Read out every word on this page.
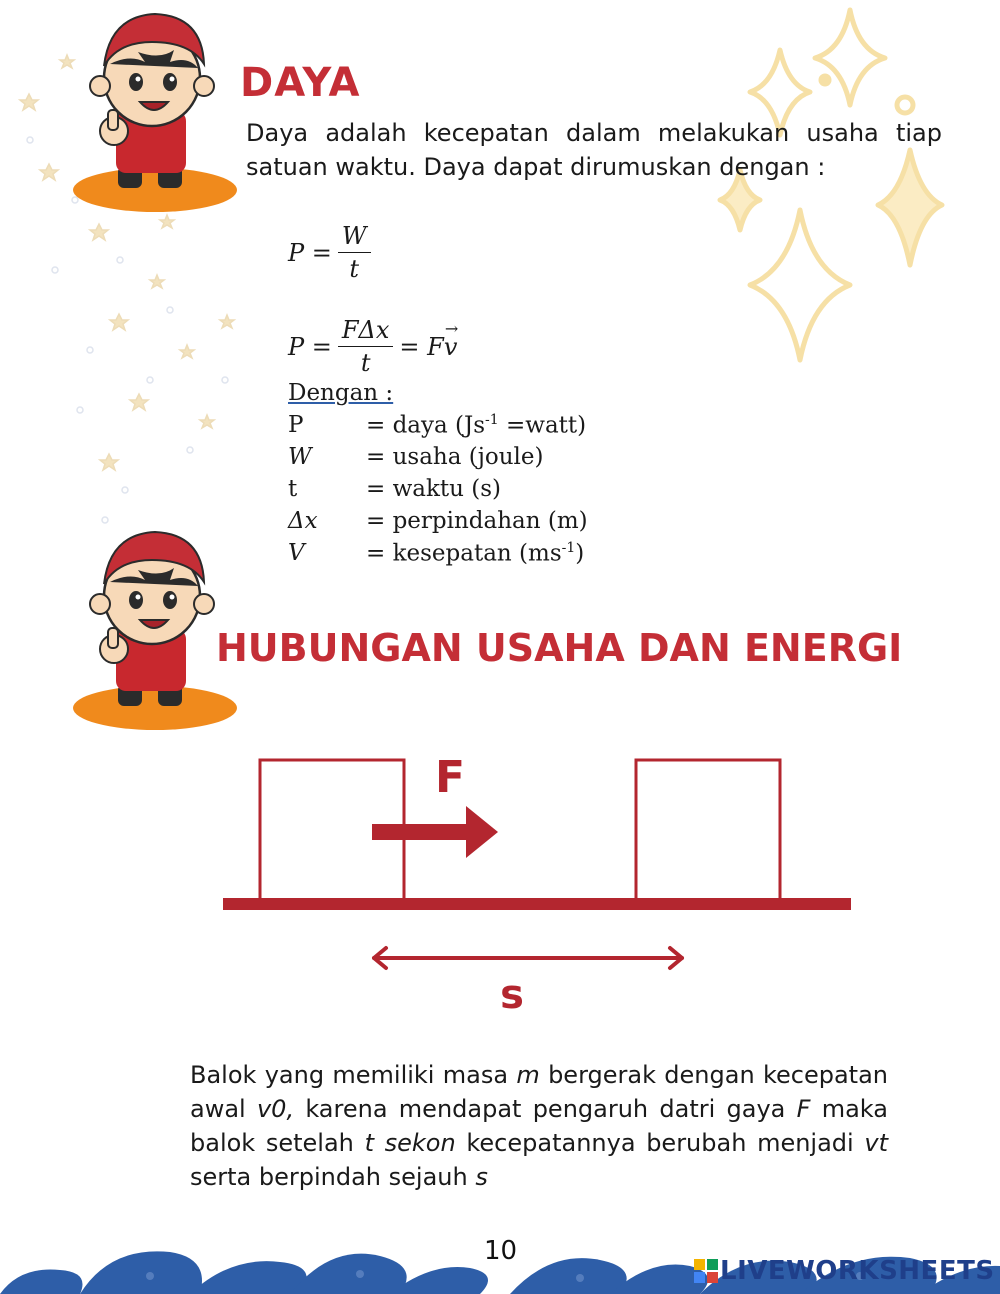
DAYA
Daya adalah kecepatan dalam melakukan usaha tiap satuan waktu. Daya dapat dirumuskan dengan :
$P = \frac{W}{t}$
$P = \frac{\text{FΔx}}{t} = F$
→
v
Dengan :
P	= daya ($Js^{-1}$ =watt)
W = usaha (joule)
t	= waktu (s)
Δx = perpindahan (m)
V	= kesepatan $(ms^{-1})$
HUBUNGAN USAHA DAN ENERGI
F
s
Balok yang memiliki masa m bergerak dengan kecepatan awal v0, karena mendapat pengaruh datri gaya F maka balok setelah t sekon kecepatannya berubah menjadi vt serta berpindah sejauh s
10
LIVEWORKSHEETS
